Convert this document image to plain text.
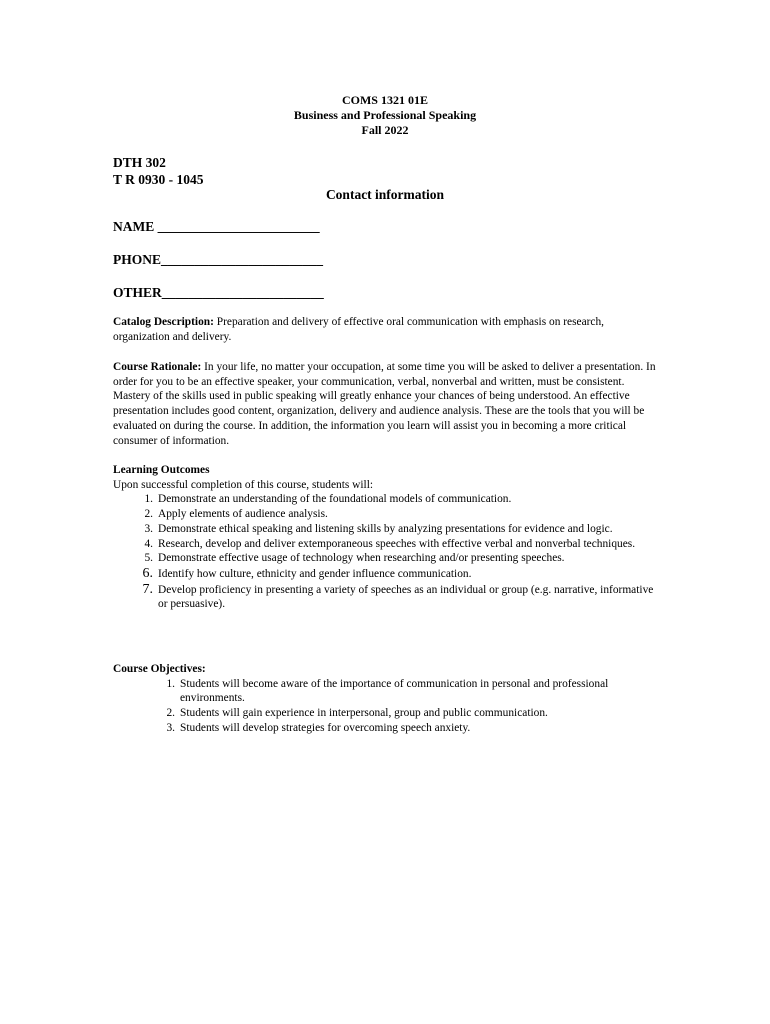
COMS 1321 01E
Business and Professional Speaking
Fall 2022
DTH 302
T R 0930 - 1045
Contact information
NAME ________________________
PHONE________________________
OTHER________________________
Catalog Description: Preparation and delivery of effective oral communication with emphasis on research, organization and delivery.
Course Rationale: In your life, no matter your occupation, at some time you will be asked to deliver a presentation. In order for you to be an effective speaker, your communication, verbal, nonverbal and written, must be consistent. Mastery of the skills used in public speaking will greatly enhance your chances of being understood. An effective presentation includes good content, organization, delivery and audience analysis. These are the tools that you will be evaluated on during the course. In addition, the information you learn will assist you in becoming a more critical consumer of information.
Learning Outcomes
Upon successful completion of this course, students will:
1. Demonstrate an understanding of the foundational models of communication.
2. Apply elements of audience analysis.
3. Demonstrate ethical speaking and listening skills by analyzing presentations for evidence and logic.
4. Research, develop and deliver extemporaneous speeches with effective verbal and nonverbal techniques.
5. Demonstrate effective usage of technology when researching and/or presenting speeches.
6. Identify how culture, ethnicity and gender influence communication.
7. Develop proficiency in presenting a variety of speeches as an individual or group (e.g. narrative, informative or persuasive).
Course Objectives:
1. Students will become aware of the importance of communication in personal and professional environments.
2. Students will gain experience in interpersonal, group and public communication.
3. Students will develop strategies for overcoming speech anxiety.
